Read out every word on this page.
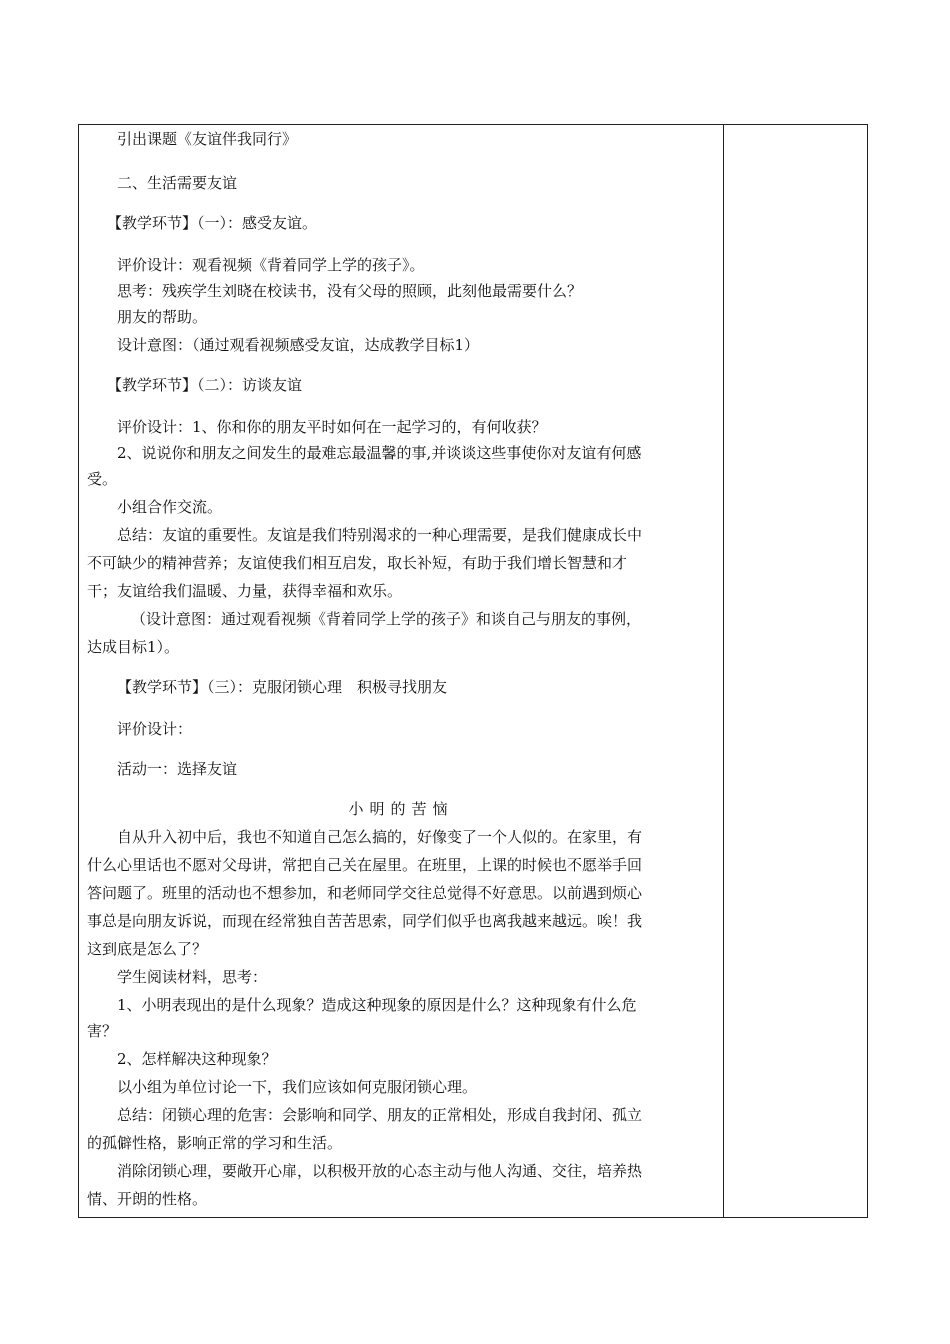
引出课题《友谊伴我同行》
二、生活需要友谊
【教学环节】（一）：感受友谊。
评价设计：观看视频《背着同学上学的孩子》。
思考：残疾学生刘晓在校读书，没有父母的照顾，此刻他最需要什么？
朋友的帮助。
设计意图：（通过观看视频感受友谊，达成教学目标1）
【教学环节】（二）：访谈友谊
评价设计：1、你和你的朋友平时如何在一起学习的，有何收获？
2、说说你和朋友之间发生的最难忘最温馨的事,并谈谈这些事使你对友谊有何感
受。
小组合作交流。
总结：友谊的重要性。友谊是我们特别渴求的一种心理需要，是我们健康成长中
不可缺少的精神营养；友谊使我们相互启发，取长补短，有助于我们增长智慧和才
干；友谊给我们温暖、力量，获得幸福和欢乐。
（设计意图：通过观看视频《背着同学上学的孩子》和谈自己与朋友的事例，
达成目标1）。
【教学环节】（三）：克服闭锁心理　积极寻找朋友
评价设计：
活动一：选择友谊
小明的苦恼
自从升入初中后，我也不知道自己怎么搞的，好像变了一个人似的。在家里，有
什么心里话也不愿对父母讲，常把自己关在屋里。在班里，上课的时候也不愿举手回
答问题了。班里的活动也不想参加，和老师同学交往总觉得不好意思。以前遇到烦心
事总是向朋友诉说，而现在经常独自苦苦思索，同学们似乎也离我越来越远。唉！我
这到底是怎么了？
学生阅读材料，思考：
1、小明表现出的是什么现象？造成这种现象的原因是什么？这种现象有什么危
害？
2、怎样解决这种现象？
以小组为单位讨论一下，我们应该如何克服闭锁心理。
总结：闭锁心理的危害：会影响和同学、朋友的正常相处，形成自我封闭、孤立
的孤僻性格，影响正常的学习和生活。
消除闭锁心理，要敞开心扉，以积极开放的心态主动与他人沟通、交往，培养热
情、开朗的性格。
